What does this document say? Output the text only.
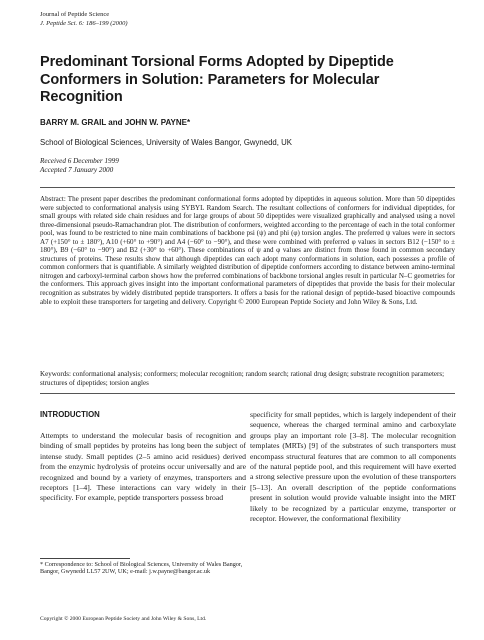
Journal of Peptide Science
J. Peptide Sci. 6: 186–199 (2000)
Predominant Torsional Forms Adopted by Dipeptide Conformers in Solution: Parameters for Molecular Recognition
BARRY M. GRAIL and JOHN W. PAYNE*
School of Biological Sciences, University of Wales Bangor, Gwynedd, UK
Received 6 December 1999
Accepted 7 January 2000

Abstract: The present paper describes the predominant conformational forms adopted by dipeptides in aqueous solution. More than 50 dipeptides were subjected to conformational analysis using SYBYL Random Search. The resultant collections of conformers for individual dipeptides, for small groups with related side chain residues and for large groups of about 50 dipeptides were visualized graphically and analysed using a novel three-dimensional pseudo-Ramachandran plot. The distribution of conformers, weighted according to the percentage of each in the total conformer pool, was found to be restricted to nine main combinations of backbone psi (ψ) and phi (φ) torsion angles. The preferred ψ values were in sectors A7 (+150° to ± 180°), A10 (+60° to +90°) and A4 (−60° to −90°), and these were combined with preferred φ values in sectors B12 (−150° to ± 180°), B9 (−60° to −90°) and B2 (+30° to +60°). These combinations of ψ and φ values are distinct from those found in common secondary structures of proteins. These results show that although dipeptides can each adopt many conformations in solution, each possesses a profile of common conformers that is quantifiable. A similarly weighted distribution of dipeptide conformers according to distance between amino-terminal nitrogen and carboxyl-terminal carbon shows how the preferred combinations of backbone torsional angles result in particular N–C geometries for the conformers. This approach gives insight into the important conformational parameters of dipeptides that provide the basis for their molecular recognition as substrates by widely distributed peptide transporters. It offers a basis for the rational design of peptide-based bioactive compounds able to exploit these transporters for targeting and delivery. Copyright © 2000 European Peptide Society and John Wiley & Sons, Ltd.

Keywords: conformational analysis; conformers; molecular recognition; random search; rational drug design; substrate recognition parameters; structures of dipeptides; torsion angles

INTRODUCTION

Attempts to understand the molecular basis of recognition and binding of small peptides by proteins has long been the subject of intense study. Small peptides (2–5 amino acid residues) derived from the enzymic hydrolysis of proteins occur universally and are recognized and bound by a variety of enzymes, transporters and receptors [1–4]. These interactions can vary widely in their specificity. For example, peptide transporters possess broad

specificity for small peptides, which is largely independent of their sequence, whereas the charged terminal amino and carboxylate groups play an important role [3–8]. The molecular recognition templates (MRTs) [9] of the substrates of such transporters must encompass structural features that are common to all components of the natural peptide pool, and this requirement will have exerted a strong selective pressure upon the evolution of these transporters [5–13]. An overall description of the peptide conformations present in solution would provide valuable insight into the MRT likely to be recognized by a particular enzyme, transporter or receptor. However, the conformational flexibility

* Correspondence to: School of Biological Sciences, University of Wales Bangor, Bangor, Gwynedd LL57 2UW, UK; e-mail: j.w.payne@bangor.ac.uk

Copyright © 2000 European Peptide Society and John Wiley & Sons, Ltd.
